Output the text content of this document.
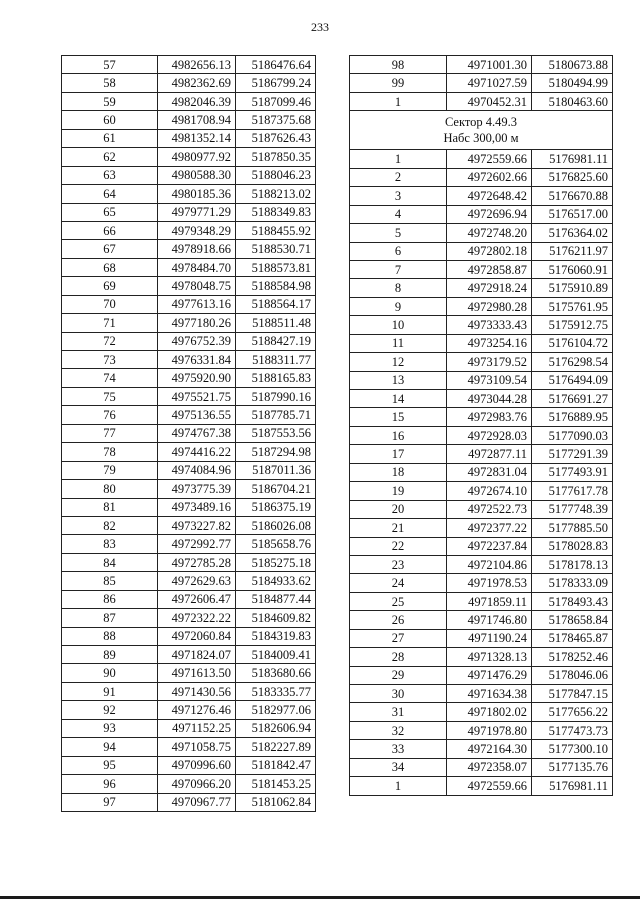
233
57	4982656.13	5186476.64
58	4982362.69	5186799.24
59	4982046.39	5187099.46
60	4981708.94	5187375.68
61	4981352.14	5187626.43
62	4980977.92	5187850.35
63	4980588.30	5188046.23
64	4980185.36	5188213.02
65	4979771.29	5188349.83
66	4979348.29	5188455.92
67	4978918.66	5188530.71
68	4978484.70	5188573.81
69	4978048.75	5188584.98
70	4977613.16	5188564.17
71	4977180.26	5188511.48
72	4976752.39	5188427.19
73	4976331.84	5188311.77
74	4975920.90	5188165.83
75	4975521.75	5187990.16
76	4975136.55	5187785.71
77	4974767.38	5187553.56
78	4974416.22	5187294.98
79	4974084.96	5187011.36
80	4973775.39	5186704.21
81	4973489.16	5186375.19
82	4973227.82	5186026.08
83	4972992.77	5185658.76
84	4972785.28	5185275.18
85	4972629.63	5184933.62
86	4972606.47	5184877.44
87	4972322.22	5184609.82
88	4972060.84	5184319.83
89	4971824.07	5184009.41
90	4971613.50	5183680.66
91	4971430.56	5183335.77
92	4971276.46	5182977.06
93	4971152.25	5182606.94
94	4971058.75	5182227.89
95	4970996.60	5181842.47
96	4970966.20	5181453.25
97	4970967.77	5181062.84
98	4971001.30	5180673.88
99	4971027.59	5180494.99
1	4970452.31	5180463.60
Сектор 4.49.3
Набс 300,00 м		
1	4972559.66	5176981.11
2	4972602.66	5176825.60
3	4972648.42	5176670.88
4	4972696.94	5176517.00
5	4972748.20	5176364.02
6	4972802.18	5176211.97
7	4972858.87	5176060.91
8	4972918.24	5175910.89
9	4972980.28	5175761.95
10	4973333.43	5175912.75
11	4973254.16	5176104.72
12	4973179.52	5176298.54
13	4973109.54	5176494.09
14	4973044.28	5176691.27
15	4972983.76	5176889.95
16	4972928.03	5177090.03
17	4972877.11	5177291.39
18	4972831.04	5177493.91
19	4972674.10	5177617.78
20	4972522.73	5177748.39
21	4972377.22	5177885.50
22	4972237.84	5178028.83
23	4972104.86	5178178.13
24	4971978.53	5178333.09
25	4971859.11	5178493.43
26	4971746.80	5178658.84
27	4971190.24	5178465.87
28	4971328.13	5178252.46
29	4971476.29	5178046.06
30	4971634.38	5177847.15
31	4971802.02	5177656.22
32	4971978.80	5177473.73
33	4972164.30	5177300.10
34	4972358.07	5177135.76
1	4972559.66	5176981.11
